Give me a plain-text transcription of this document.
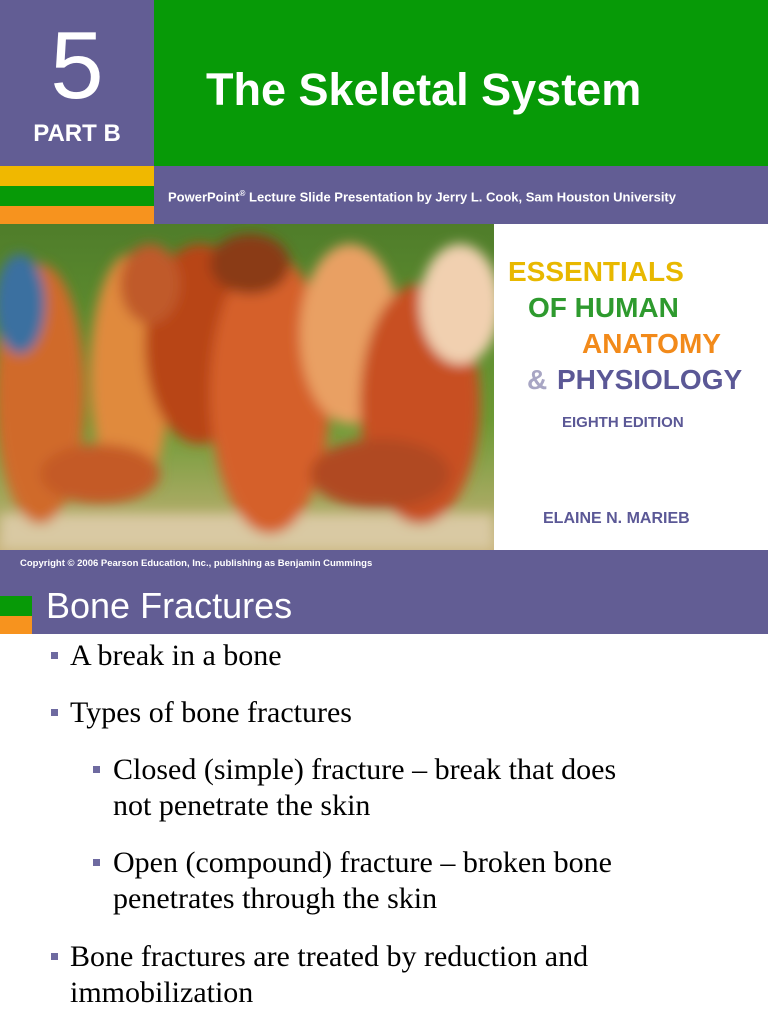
5
PART B
The Skeletal System
PowerPoint® Lecture Slide Presentation by Jerry L. Cook, Sam Houston University
ESSENTIALS
OF HUMAN
ANATOMY
& PHYSIOLOGY
EIGHTH EDITION
ELAINE N. MARIEB
Copyright © 2006 Pearson Education, Inc., publishing as Benjamin Cummings
Bone Fractures
A break in a bone
Types of bone fractures
Closed (simple) fracture – break that does
not penetrate the skin
Open (compound) fracture – broken bone
penetrates through the skin
Bone fractures are treated by reduction and
immobilization
